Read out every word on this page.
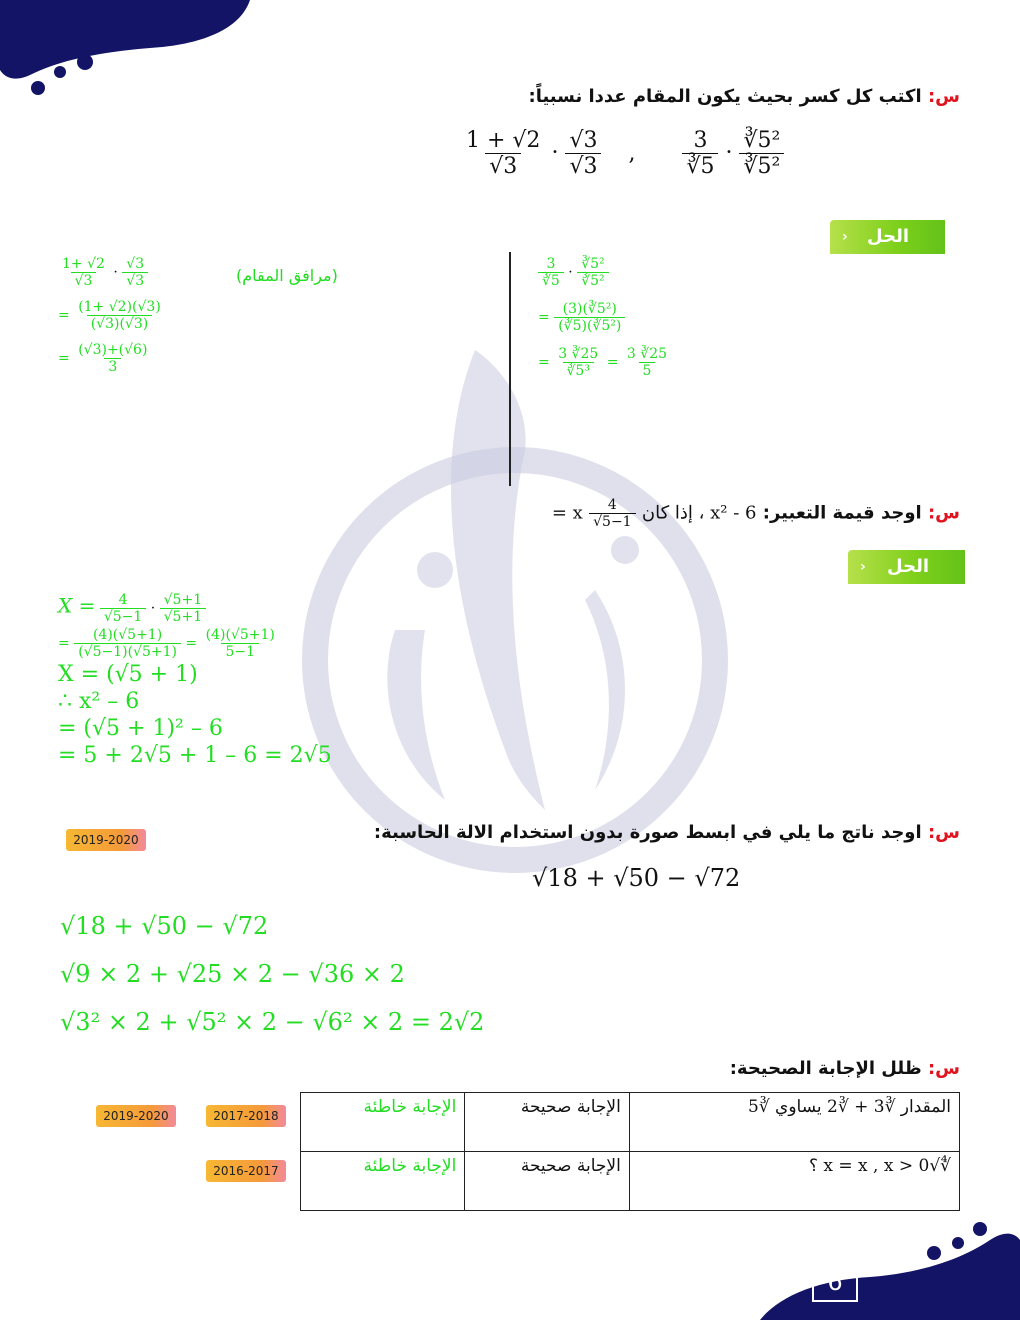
س: اكتب كل كسر بحيث يكون المقام عددا نسبياً:
$\frac{1 + √2}{√3} \cdot \frac{√3}{√3}$ , $\frac{3}{∛5} \cdot \frac{\text{∛5²}}{\text{∛5²}}$
الحل
‹
$\frac{1+ √2}{√3} \cdot \frac{√3}{√3}$
= $\frac{(1+ √2)(√3)}{(√3)(√3)}$
= $\frac{(√3)+(√6)}{3}$
(مرافق المقام)	$\frac{3}{∛5} \cdot \frac{\text{∛5²}}{\text{∛5²}}$
= $\frac{\text{(3)(∛5²)}}{\text{(∛5)(∛5²)}}$
= $\frac{3 ∛25}{\text{∛5³}} = \frac{3 ∛25}{5}$
س: اوجد قيمة التعبير: x² - 6 ، إذا كان
$\frac{4}{√5-1}$
x =
الحل
‹
$X = \frac{4}{√5-1} \cdot \frac{√5+1}{√5+1}$
= $\frac{(4)(√5+1)}{(√5-1)(√5+1)} = \frac{(4)(√5+1)}{5-1}$
X = (√5 + 1)
∴ x² – 6
= (√5 + 1)² – 6
= 5 + 2√5 + 1 – 6 = 2√5
س: اوجد ناتج ما يلي في ابسط صورة بدون استخدام الالة الحاسبة:
2019-2020
√18 + √50 − √72
√18 + √50 − √72
√9 × 2 + √25 × 2 − √36 × 2
√3² × 2 + √5² × 2 − √6² × 2 = 2√2
س: ظلل الإجابة الصحيحة:
2019-2020	2017-2018
2016-2017
المقدار ∛3 + ∛2 يساوي ∛5	الإجابة صحيحة	الإجابة خاطئة
∜√x = x , x > 0 ؟	الإجابة صحيحة	الإجابة خاطئة
6
